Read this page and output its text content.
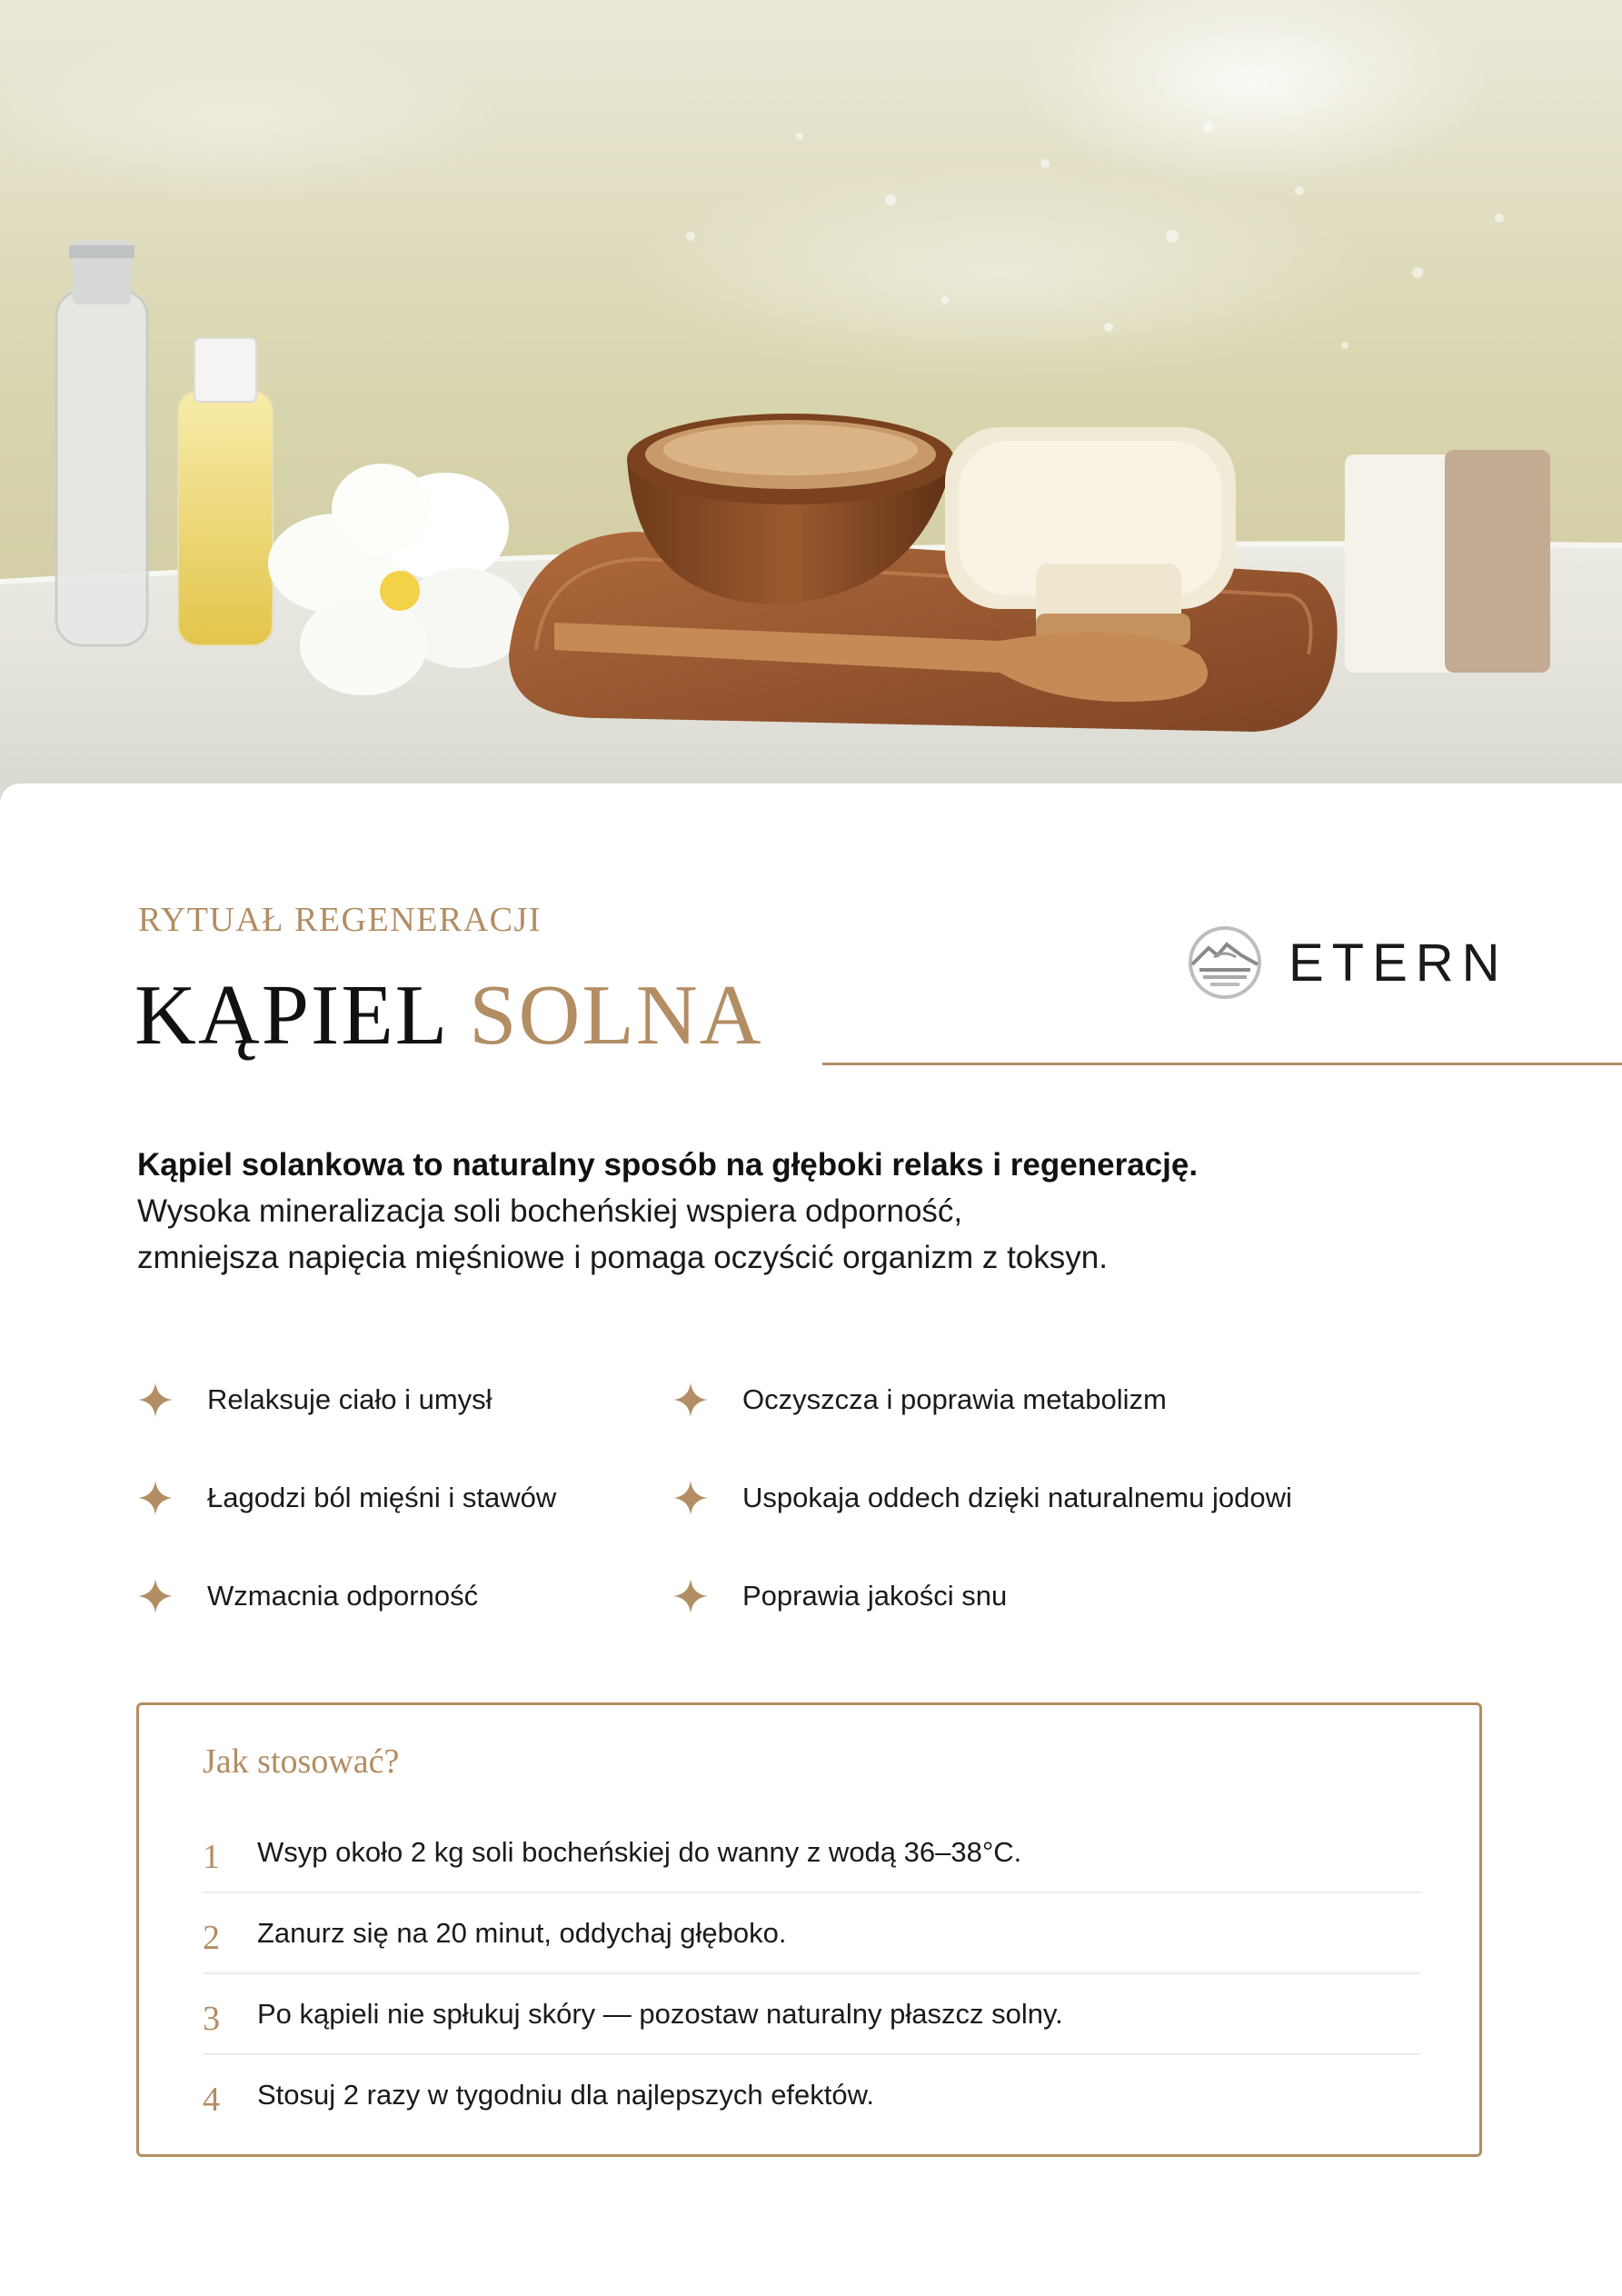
RYTUAŁ REGENERACJI
KĄPIEL SOLNA
ETERN

Kąpiel solankowa to naturalny sposób na głęboki relaks i regenerację.

Wysoka mineralizacja soli bocheńskiej wspiera odporność,

zmniejsza napięcia mięśniowe i pomaga oczyścić organizm z toksyn.

Relaksuje ciało i umysł	Oczyszcza i poprawia metabolizm
Łagodzi ból mięśni i stawów	Uspokaja oddech dzięki naturalnemu jodowi
Wzmacnia odporność	Poprawia jakości snu
Jak stosować?
1	Wsyp około 2 kg soli bocheńskiej do wanny z wodą 36–38°C.
2	Zanurz się na 20 minut, oddychaj głęboko.
3	Po kąpieli nie spłukuj skóry — pozostaw naturalny płaszcz solny.
4	Stosuj 2 razy w tygodniu dla najlepszych efektów.
